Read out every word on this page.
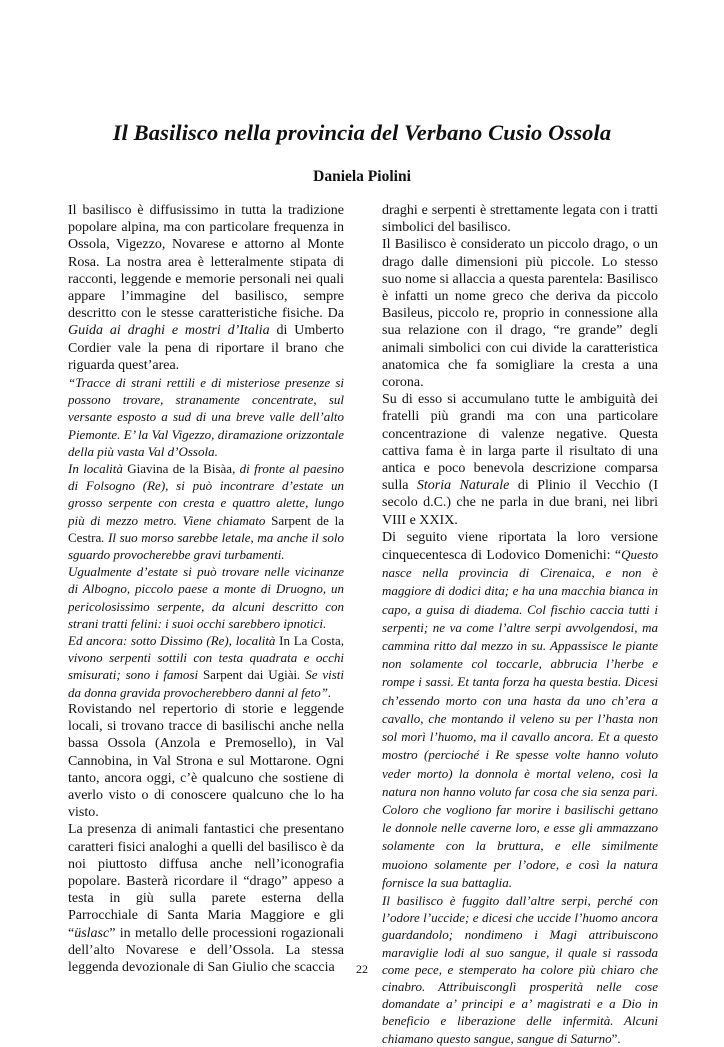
Il Basilisco nella provincia del Verbano Cusio Ossola
Daniela Piolini

Il basilisco è diffusissimo in tutta la tradizione popolare alpina, ma con particolare frequenza in Ossola, Vigezzo, Novarese e attorno al Monte Rosa. La nostra area è letteralmente stipata di racconti, leggende e memorie personali nei quali appare l’immagine del basilisco, sempre descritto con le stesse caratteristiche fisiche. Da Guida ai draghi e mostri d’Italia di Umberto Cordier vale la pena di riportare il brano che riguarda quest’area.

“Tracce di strani rettili e di misteriose presenze si possono trovare, stranamente concentrate, sul versante esposto a sud di una breve valle dell’alto Piemonte. E’ la Val Vigezzo, diramazione orizzontale della più vasta Val d’Ossola.

In località Giavina de la Bisàa, di fronte al paesino di Folsogno (Re), si può incontrare d’estate un grosso serpente con cresta e quattro alette, lungo più di mezzo metro. Viene chiamato Sarpent de la Cestra. Il suo morso sarebbe letale, ma anche il solo sguardo provocherebbe gravi turbamenti.

Ugualmente d’estate si può trovare nelle vicinanze di Albogno, piccolo paese a monte di Druogno, un pericolosissimo serpente, da alcuni descritto con strani tratti felini: i suoi occhi sarebbero ipnotici.

Ed ancora: sotto Dissimo (Re), località In La Costa, vivono serpenti sottili con testa quadrata e occhi smisurati; sono i famosi Sarpent dai Ugiài. Se visti da donna gravida provocherebbero danni al feto”.

Rovistando nel repertorio di storie e leggende locali, si trovano tracce di basilischi anche nella bassa Ossola (Anzola e Premosello), in Val Cannobina, in Val Strona e sul Mottarone. Ogni tanto, ancora oggi, c’è qualcuno che sostiene di averlo visto o di conoscere qualcuno che lo ha visto.

La presenza di animali fantastici che presentano caratteri fisici analoghi a quelli del basilisco è da noi piuttosto diffusa anche nell’iconografia popolare. Basterà ricordare il “drago” appeso a testa in giù sulla parete esterna della Parrocchiale di Santa Maria Maggiore e gli “üslasc” in metallo delle processioni rogazionali dell’alto Novarese e dell’Ossola. La stessa leggenda devozionale di San Giulio che scaccia

draghi e serpenti è strettamente legata con i tratti simbolici del basilisco.

Il Basilisco è considerato un piccolo drago, o un drago dalle dimensioni più piccole. Lo stesso suo nome si allaccia a questa parentela: Basilisco è infatti un nome greco che deriva da piccolo Basileus, piccolo re, proprio in connessione alla sua relazione con il drago, “re grande” degli animali simbolici con cui divide la caratteristica anatomica che fa somigliare la cresta a una corona.

Su di esso si accumulano tutte le ambiguità dei fratelli più grandi ma con una particolare concentrazione di valenze negative. Questa cattiva fama è in larga parte il risultato di una antica e poco benevola descrizione comparsa sulla Storia Naturale di Plinio il Vecchio (I secolo d.C.) che ne parla in due brani, nei libri VIII e XXIX.

Di seguito viene riportata la loro versione cinquecentesca di Lodovico Domenichi: “Questo nasce nella provincia di Cirenaica, e non è maggiore di dodici dita; e ha una macchia bianca in capo, a guisa di diadema. Col fischio caccia tutti i serpenti; ne va come l’altre serpi avvolgendosi, ma cammina ritto dal mezzo in su. Appassisce le piante non solamente col toccarle, abbrucia l’herbe e rompe i sassi. Et tanta forza ha questa bestia. Dicesi ch’essendo morto con una hasta da uno ch’era a cavallo, che montando il veleno su per l’hasta non sol morì l’huomo, ma il cavallo ancora. Et a questo mostro (percioché i Re spesse volte hanno voluto veder morto) la donnola è mortal veleno, così la natura non hanno voluto far cosa che sia senza pari. Coloro che vogliono far morire i basilischi gettano le donnole nelle caverne loro, e esse gli ammazzano solamente con la bruttura, e elle similmente muoiono solamente per l’odore, e così la natura fornisce la sua battaglia.

Il basilisco è fuggito dall’altre serpi, perché con l’odore l’uccide; e dicesi che uccide l’huomo ancora guardandolo; nondimeno i Magi attribuiscono maraviglie lodi al suo sangue, il quale si rassoda come pece, e stemperato ha colore più chiaro che cinabro. Attribuisconglì prosperità nelle cose domandate a’ principi e a’ magistrati e a Dio in beneficio e liberazione delle infermità. Alcuni chiamano questo sangue, sangue di Saturno”.

22
